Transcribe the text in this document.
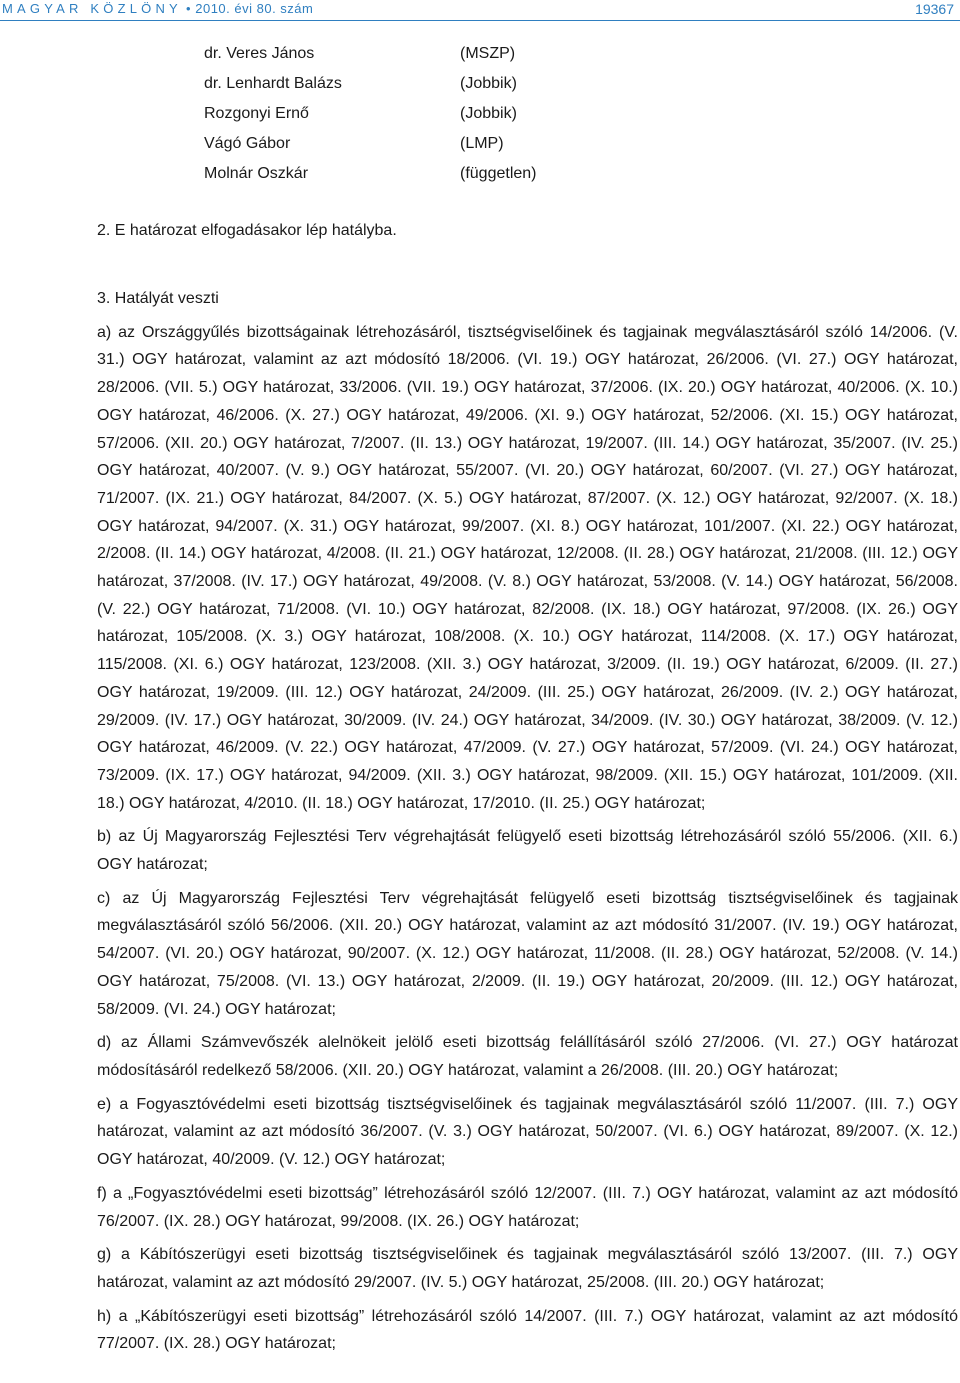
MAGYAR KÖZLÖNY • 2010. évi 80. szám	19367
dr. Veres János	(MSZP)
dr. Lenhardt Balázs	(Jobbik)
Rozgonyi Ernő	(Jobbik)
Vágó Gábor	(LMP)
Molnár Oszkár	(független)

2. E határozat elfogadásakor lép hatályba.

3. Hatályát veszti

a) az Országgyűlés bizottságainak létrehozásáról, tisztségviselőinek és tagjainak megválasztásáról szóló 14/2006. (V. 31.) OGY határozat, valamint az azt módosító 18/2006. (VI. 19.) OGY határozat, 26/2006. (VI. 27.) OGY határozat, 28/2006. (VII. 5.) OGY határozat, 33/2006. (VII. 19.) OGY határozat, 37/2006. (IX. 20.) OGY határozat, 40/2006. (X. 10.) OGY határozat, 46/2006. (X. 27.) OGY határozat, 49/2006. (XI. 9.) OGY határozat, 52/2006. (XI. 15.) OGY határozat, 57/2006. (XII. 20.) OGY határozat, 7/2007. (II. 13.) OGY határozat, 19/2007. (III. 14.) OGY határozat, 35/2007. (IV. 25.) OGY határozat, 40/2007. (V. 9.) OGY határozat, 55/2007. (VI. 20.) OGY határozat, 60/2007. (VI. 27.) OGY határozat, 71/2007. (IX. 21.) OGY határozat, 84/2007. (X. 5.) OGY határozat, 87/2007. (X. 12.) OGY határozat, 92/2007. (X. 18.) OGY határozat, 94/2007. (X. 31.) OGY határozat, 99/2007. (XI. 8.) OGY határozat, 101/2007. (XI. 22.) OGY határozat, 2/2008. (II. 14.) OGY határozat, 4/2008. (II. 21.) OGY határozat, 12/2008. (II. 28.) OGY határozat, 21/2008. (III. 12.) OGY határozat, 37/2008. (IV. 17.) OGY határozat, 49/2008. (V. 8.) OGY határozat, 53/2008. (V. 14.) OGY határozat, 56/2008. (V. 22.) OGY határozat, 71/2008. (VI. 10.) OGY határozat, 82/2008. (IX. 18.) OGY határozat, 97/2008. (IX. 26.) OGY határozat, 105/2008. (X. 3.) OGY határozat, 108/2008. (X. 10.) OGY határozat, 114/2008. (X. 17.) OGY határozat, 115/2008. (XI. 6.) OGY határozat, 123/2008. (XII. 3.) OGY határozat, 3/2009. (II. 19.) OGY határozat, 6/2009. (II. 27.) OGY határozat, 19/2009. (III. 12.) OGY határozat, 24/2009. (III. 25.) OGY határozat, 26/2009. (IV. 2.) OGY határozat, 29/2009. (IV. 17.) OGY határozat, 30/2009. (IV. 24.) OGY határozat, 34/2009. (IV. 30.) OGY határozat, 38/2009. (V. 12.) OGY határozat, 46/2009. (V. 22.) OGY határozat, 47/2009. (V. 27.) OGY határozat, 57/2009. (VI. 24.) OGY határozat, 73/2009. (IX. 17.) OGY határozat, 94/2009. (XII. 3.) OGY határozat, 98/2009. (XII. 15.) OGY határozat, 101/2009. (XII. 18.) OGY határozat, 4/2010. (II. 18.) OGY határozat, 17/2010. (II. 25.) OGY határozat;

b) az Új Magyarország Fejlesztési Terv végrehajtását felügyelő eseti bizottság létrehozásáról szóló 55/2006. (XII. 6.) OGY határozat;

c) az Új Magyarország Fejlesztési Terv végrehajtását felügyelő eseti bizottság tisztségviselőinek és tagjainak megválasztásáról szóló 56/2006. (XII. 20.) OGY határozat, valamint az azt módosító 31/2007. (IV. 19.) OGY határozat, 54/2007. (VI. 20.) OGY határozat, 90/2007. (X. 12.) OGY határozat, 11/2008. (II. 28.) OGY határozat, 52/2008. (V. 14.) OGY határozat, 75/2008. (VI. 13.) OGY határozat, 2/2009. (II. 19.) OGY határozat, 20/2009. (III. 12.) OGY határozat, 58/2009. (VI. 24.) OGY határozat;

d) az Állami Számvevőszék alelnökeit jelölő eseti bizottság felállításáról szóló 27/2006. (VI. 27.) OGY határozat módosításáról redelkező 58/2006. (XII. 20.) OGY határozat, valamint a 26/2008. (III. 20.) OGY határozat;

e) a Fogyasztóvédelmi eseti bizottság tisztségviselőinek és tagjainak megválasztásáról szóló 11/2007. (III. 7.) OGY határozat, valamint az azt módosító 36/2007. (V. 3.) OGY határozat, 50/2007. (VI. 6.) OGY határozat, 89/2007. (X. 12.) OGY határozat, 40/2009. (V. 12.) OGY határozat;

f) a „Fogyasztóvédelmi eseti bizottság” létrehozásáról szóló 12/2007. (III. 7.) OGY határozat, valamint az azt módosító 76/2007. (IX. 28.) OGY határozat, 99/2008. (IX. 26.) OGY határozat;

g) a Kábítószerügyi eseti bizottság tisztségviselőinek és tagjainak megválasztásáról szóló 13/2007. (III. 7.) OGY határozat, valamint az azt módosító 29/2007. (IV. 5.) OGY határozat, 25/2008. (III. 20.) OGY határozat;

h) a „Kábítószerügyi eseti bizottság” létrehozásáról szóló 14/2007. (III. 7.) OGY határozat, valamint az azt módosító 77/2007. (IX. 28.) OGY határozat;
